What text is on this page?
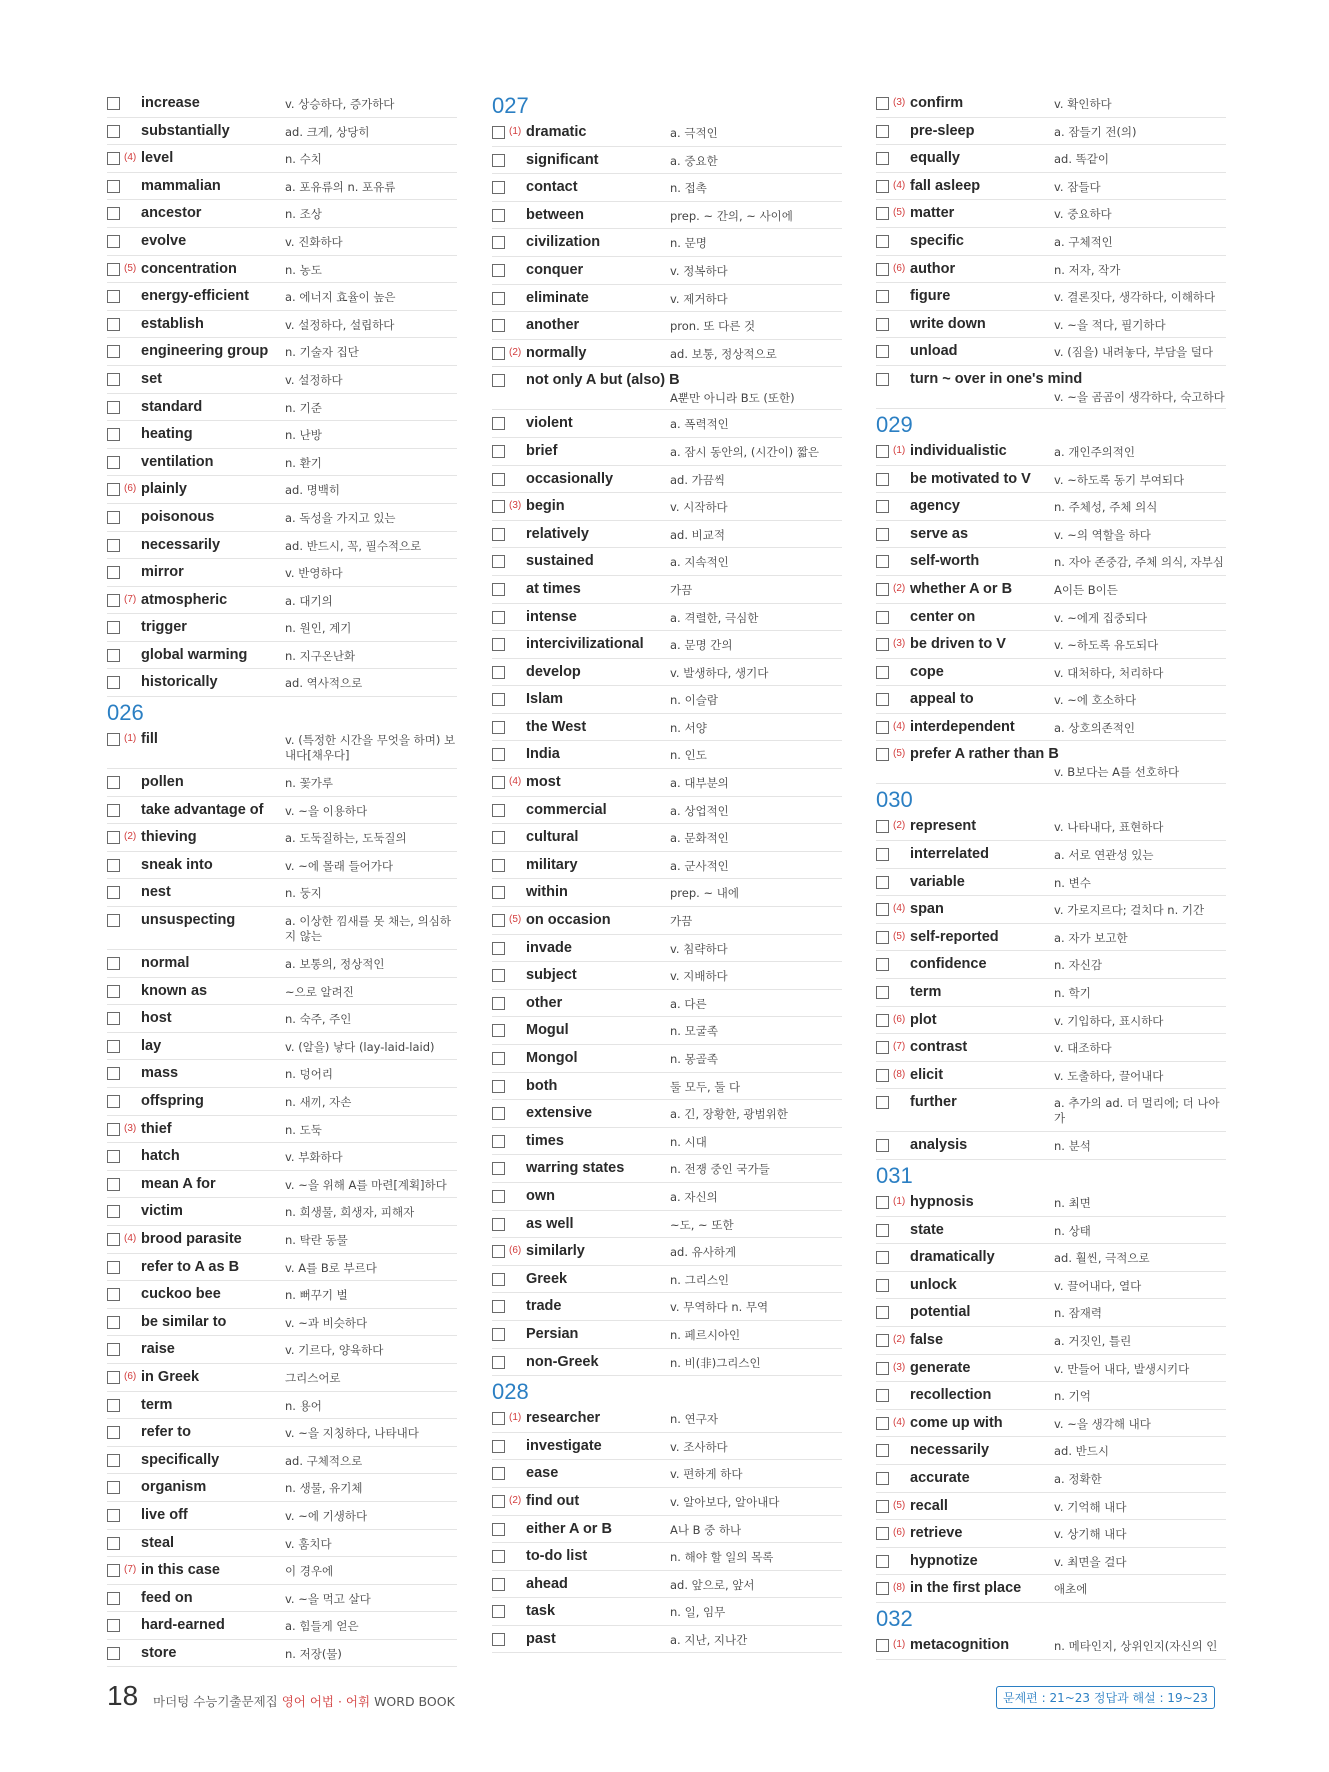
increase	v. 상승하다, 증가하다
substantially	ad. 크게, 상당히
(4) level	n. 수치
mammalian	a. 포유류의 n. 포유류
ancestor	n. 조상
evolve	v. 진화하다
(5) concentration	n. 농도
energy-efficient	a. 에너지 효율이 높은
establish	v. 설정하다, 설립하다
engineering group n. 기술자 집단
set	v. 설정하다
standard	n. 기준
heating	n. 난방
ventilation	n. 환기
(6) plainly	ad. 명백히
poisonous	a. 독성을 가지고 있는
necessarily	ad. 반드시, 꼭, 필수적으로
mirror	v. 반영하다
(7) atmospheric	a. 대기의
trigger	n. 원인, 계기
global warming	n. 지구온난화
historically	ad. 역사적으로
026
(1) fill	v. (특정한 시간을 무엇을 하며) 보내다[채우다]
pollen	n. 꽃가루
take advantage of v. ~을 이용하다
(2) thieving	a. 도둑질하는, 도둑질의
sneak into	v. ~에 몰래 들어가다
nest	n. 둥지
unsuspecting	a. 이상한 낌새를 못 채는, 의심하지 않는
normal	a. 보통의, 정상적인
known as	~으로 알려진
host	n. 숙주, 주인
lay	v. (알을) 낳다 (lay-laid-laid)
mass	n. 덩어리
offspring	n. 새끼, 자손
(3) thief	n. 도둑
hatch	v. 부화하다
mean A for	v. ~을 위해 A를 마련[계획]하다
victim	n. 희생물, 희생자, 피해자
(4) brood parasite	n. 탁란 동물
refer to A as B	v. A를 B로 부르다
cuckoo bee	n. 뻐꾸기 벌
be similar to	v. ~과 비슷하다
raise	v. 기르다, 양육하다
(6) in Greek	그리스어로
term	n. 용어
refer to	v. ~을 지칭하다, 나타내다
specifically	ad. 구체적으로
organism	n. 생물, 유기체
live off	v. ~에 기생하다
steal	v. 훔치다
(7) in this case	이 경우에
feed on	v. ~을 먹고 살다
hard-earned	a. 힘들게 얻은
store	n. 저장(물)
027
(1) dramatic	a. 극적인
significant	a. 중요한
contact	n. 접촉
between	prep. ~ 간의, ~ 사이에
civilization	n. 문명
conquer	v. 정복하다
eliminate	v. 제거하다
another	pron. 또 다른 것
(2) normally	ad. 보통, 정상적으로
not only A but (also) B
A뿐만 아니라 B도 (또한)
violent	a. 폭력적인
brief	a. 잠시 동안의, (시간이) 짧은
occasionally	ad. 가끔씩
(3) begin	v. 시작하다
relatively	ad. 비교적
sustained	a. 지속적인
at times	가끔
intense	a. 격렬한, 극심한
intercivilizational a. 문명 간의
develop	v. 발생하다, 생기다
Islam	n. 이슬람
the West	n. 서양
India	n. 인도
(4) most	a. 대부분의
commercial	a. 상업적인
cultural	a. 문화적인
military	a. 군사적인
within	prep. ~ 내에
(5) on occasion	가끔
invade	v. 침략하다
subject	v. 지배하다
other	a. 다른
Mogul	n. 모굴족
Mongol	n. 몽골족
both	둘 모두, 둘 다
extensive	a. 긴, 장황한, 광범위한
times	n. 시대
warring states	n. 전쟁 중인 국가들
own	a. 자신의
as well	~도, ~ 또한
(6) similarly	ad. 유사하게
Greek	n. 그리스인
trade	v. 무역하다 n. 무역
Persian	n. 페르시아인
non-Greek	n. 비(非)그리스인
028
(1) researcher	n. 연구자
investigate	v. 조사하다
ease	v. 편하게 하다
(2) find out	v. 알아보다, 알아내다
either A or B	A나 B 중 하나
to-do list	n. 해야 할 일의 목록
ahead	ad. 앞으로, 앞서
task	n. 일, 임무
past	a. 지난, 지나간
(3) confirm	v. 확인하다
pre-sleep	a. 잠들기 전(의)
equally	ad. 똑같이
(4) fall asleep	v. 잠들다
(5) matter	v. 중요하다
specific	a. 구체적인
(6) author	n. 저자, 작가
figure	v. 결론짓다, 생각하다, 이해하다
write down	v. ~을 적다, 필기하다
unload	v. (짐을) 내려놓다, 부담을 덜다
turn ~ over in one's mind
v. ~을 곰곰이 생각하다, 숙고하다
029
(1) individualistic	a. 개인주의적인
be motivated to V v. ~하도록 동기 부여되다
agency	n. 주체성, 주체 의식
serve as	v. ~의 역할을 하다
self-worth	n. 자아 존중감, 주체 의식, 자부심
(2) whether A or B	A이든 B이든
center on	v. ~에게 집중되다
(3) be driven to V	v. ~하도록 유도되다
cope	v. 대처하다, 처리하다
appeal to	v. ~에 호소하다
(4) interdependent	a. 상호의존적인
(5) prefer A rather than B
v. B보다는 A를 선호하다
030
(2) represent	v. 나타내다, 표현하다
interrelated	a. 서로 연관성 있는
variable	n. 변수
(4) span	v. 가로지르다; 걸치다 n. 기간
(5) self-reported	a. 자가 보고한
confidence	n. 자신감
term	n. 학기
(6) plot	v. 기입하다, 표시하다
(7) contrast	v. 대조하다
(8) elicit	v. 도출하다, 끌어내다
further	a. 추가의 ad. 더 멀리에; 더 나아가
analysis	n. 분석
031
(1) hypnosis	n. 최면
state	n. 상태
dramatically	ad. 훨씬, 극적으로
unlock	v. 끌어내다, 열다
potential	n. 잠재력
(2) false	a. 거짓인, 틀린
(3) generate	v. 만들어 내다, 발생시키다
recollection	n. 기억
(4) come up with	v. ~을 생각해 내다
necessarily	ad. 반드시
accurate	a. 정확한
(5) recall	v. 기억해 내다
(6) retrieve	v. 상기해 내다
hypnotize	v. 최면을 걸다
(8) in the first place	애초에
032
(1) metacognition	n. 메타인지, 상위인지(자신의 인
18 마더텅 수능기출문제집 영어 어법 · 어휘 WORD BOOK	문제편 : 21~23 정답과 해설 : 19~23
